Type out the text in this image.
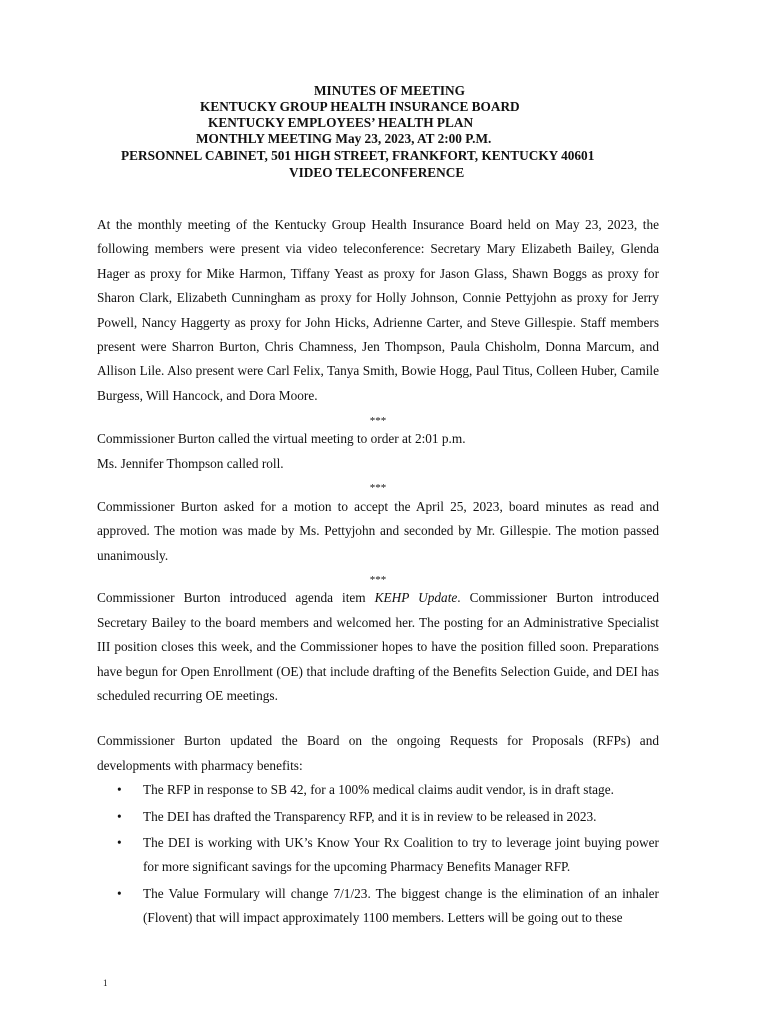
MINUTES OF MEETING
KENTUCKY GROUP HEALTH INSURANCE BOARD
KENTUCKY EMPLOYEES’ HEALTH PLAN
MONTHLY MEETING May 23, 2023, AT 2:00 P.M.
PERSONNEL CABINET, 501 HIGH STREET, FRANKFORT, KENTUCKY 40601
VIDEO TELECONFERENCE

At the monthly meeting of the Kentucky Group Health Insurance Board held on May 23, 2023, the following members were present via video teleconference: Secretary Mary Elizabeth Bailey, Glenda Hager as proxy for Mike Harmon, Tiffany Yeast as proxy for Jason Glass, Shawn Boggs as proxy for Sharon Clark, Elizabeth Cunningham as proxy for Holly Johnson, Connie Pettyjohn as proxy for Jerry Powell, Nancy Haggerty as proxy for John Hicks, Adrienne Carter, and Steve Gillespie. Staff members present were Sharron Burton, Chris Chamness, Jen Thompson, Paula Chisholm, Donna Marcum, and Allison Lile. Also present were Carl Felix, Tanya Smith, Bowie Hogg, Paul Titus, Colleen Huber, Camile Burgess, Will Hancock, and Dora Moore.

***

Commissioner Burton called the virtual meeting to order at 2:01 p.m.

Ms. Jennifer Thompson called roll.

***

Commissioner Burton asked for a motion to accept the April 25, 2023, board minutes as read and approved. The motion was made by Ms. Pettyjohn and seconded by Mr. Gillespie. The motion passed unanimously.

***

Commissioner Burton introduced agenda item KEHP Update. Commissioner Burton introduced Secretary Bailey to the board members and welcomed her. The posting for an Administrative Specialist III position closes this week, and the Commissioner hopes to have the position filled soon. Preparations have begun for Open Enrollment (OE) that include drafting of the Benefits Selection Guide, and DEI has scheduled recurring OE meetings.

Commissioner Burton updated the Board on the ongoing Requests for Proposals (RFPs) and developments with pharmacy benefits:

• The RFP in response to SB 42, for a 100% medical claims audit vendor, is in draft stage.
• The DEI has drafted the Transparency RFP, and it is in review to be released in 2023.
• The DEI is working with UK’s Know Your Rx Coalition to try to leverage joint buying power for more significant savings for the upcoming Pharmacy Benefits Manager RFP.
• The Value Formulary will change 7/1/23. The biggest change is the elimination of an inhaler (Flovent) that will impact approximately 1100 members. Letters will be going out to these
1
